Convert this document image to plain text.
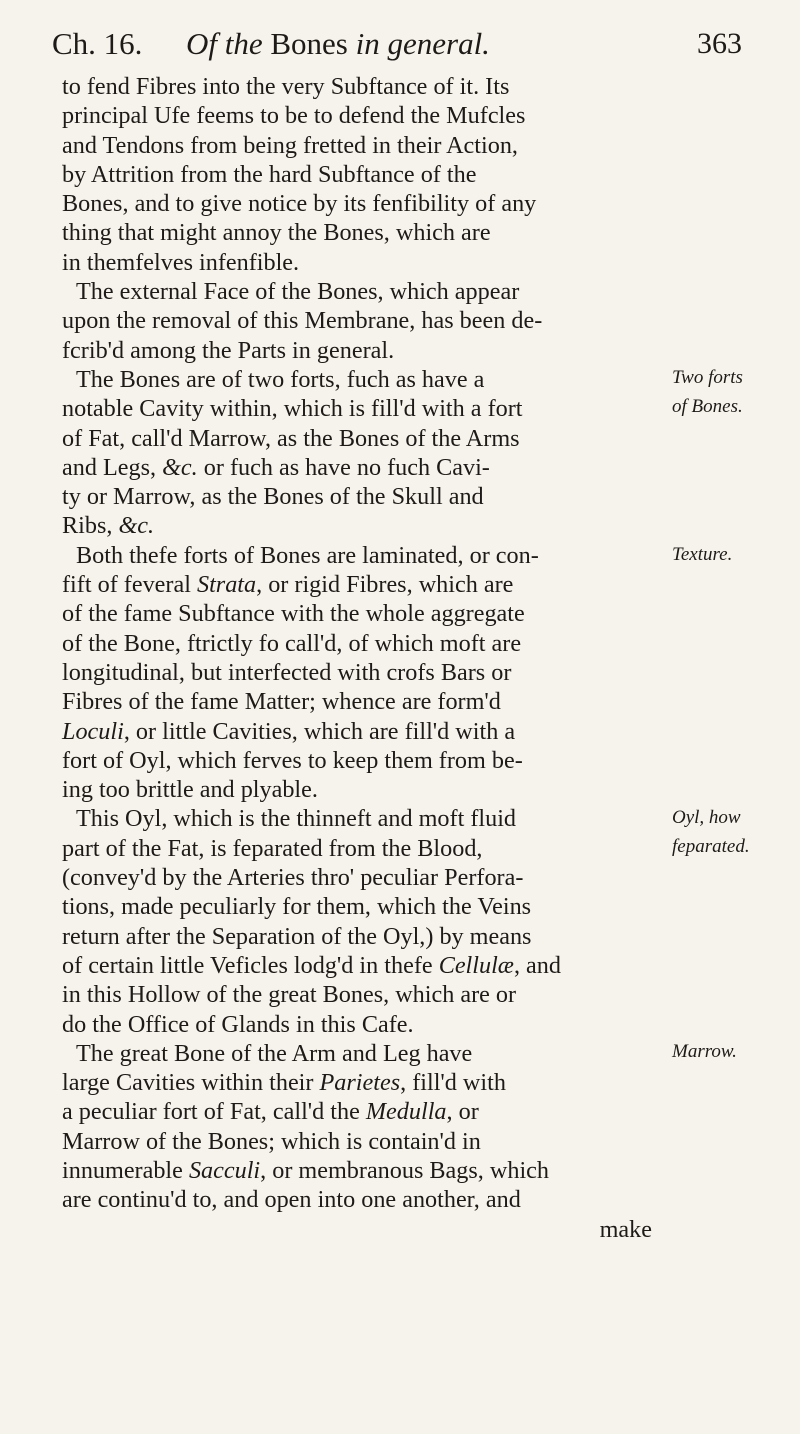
Ch. 16. Of the Bones in general.	363
to fend Fibres into the very Subftance of it. Its
principal Ufe feems to be to defend the Mufcles
and Tendons from being fretted in their Action,
by Attrition from the hard Subftance of the
Bones, and to give notice by its fenfibility of any
thing that might annoy the Bones, which are
in themfelves infenfible.
The external Face of the Bones, which appear
upon the removal of this Membrane, has been de-
fcrib'd among the Parts in general.
The Bones are of two forts, fuch as have a
notable Cavity within, which is fill'd with a fort
of Fat, call'd Marrow, as the Bones of the Arms
and Legs, &c. or fuch as have no fuch Cavi-
ty or Marrow, as the Bones of the Skull and
Ribs, &c.
Both thefe forts of Bones are laminated, or con-
fift of feveral Strata, or rigid Fibres, which are
of the fame Subftance with the whole aggregate
of the Bone, ftrictly fo call'd, of which moft are
longitudinal, but interfected with crofs Bars or
Fibres of the fame Matter; whence are form'd
Loculi, or little Cavities, which are fill'd with a
fort of Oyl, which ferves to keep them from be-
ing too brittle and plyable.
This Oyl, which is the thinneft and moft fluid
part of the Fat, is feparated from the Blood,
(convey'd by the Arteries thro' peculiar Perfora-
tions, made peculiarly for them, which the Veins
return after the Separation of the Oyl,) by means
of certain little Veficles lodg'd in thefe Cellulæ, and
in this Hollow of the great Bones, which are or
do the Office of Glands in this Cafe.
The great Bone of the Arm and Leg have
large Cavities within their Parietes, fill'd with
a peculiar fort of Fat, call'd the Medulla, or
Marrow of the Bones; which is contain'd in
innumerable Sacculi, or membranous Bags, which
are continu'd to, and open into one another, and
make
Two forts
of Bones.
Texture.
Oyl, how
feparated.
Marrow.
